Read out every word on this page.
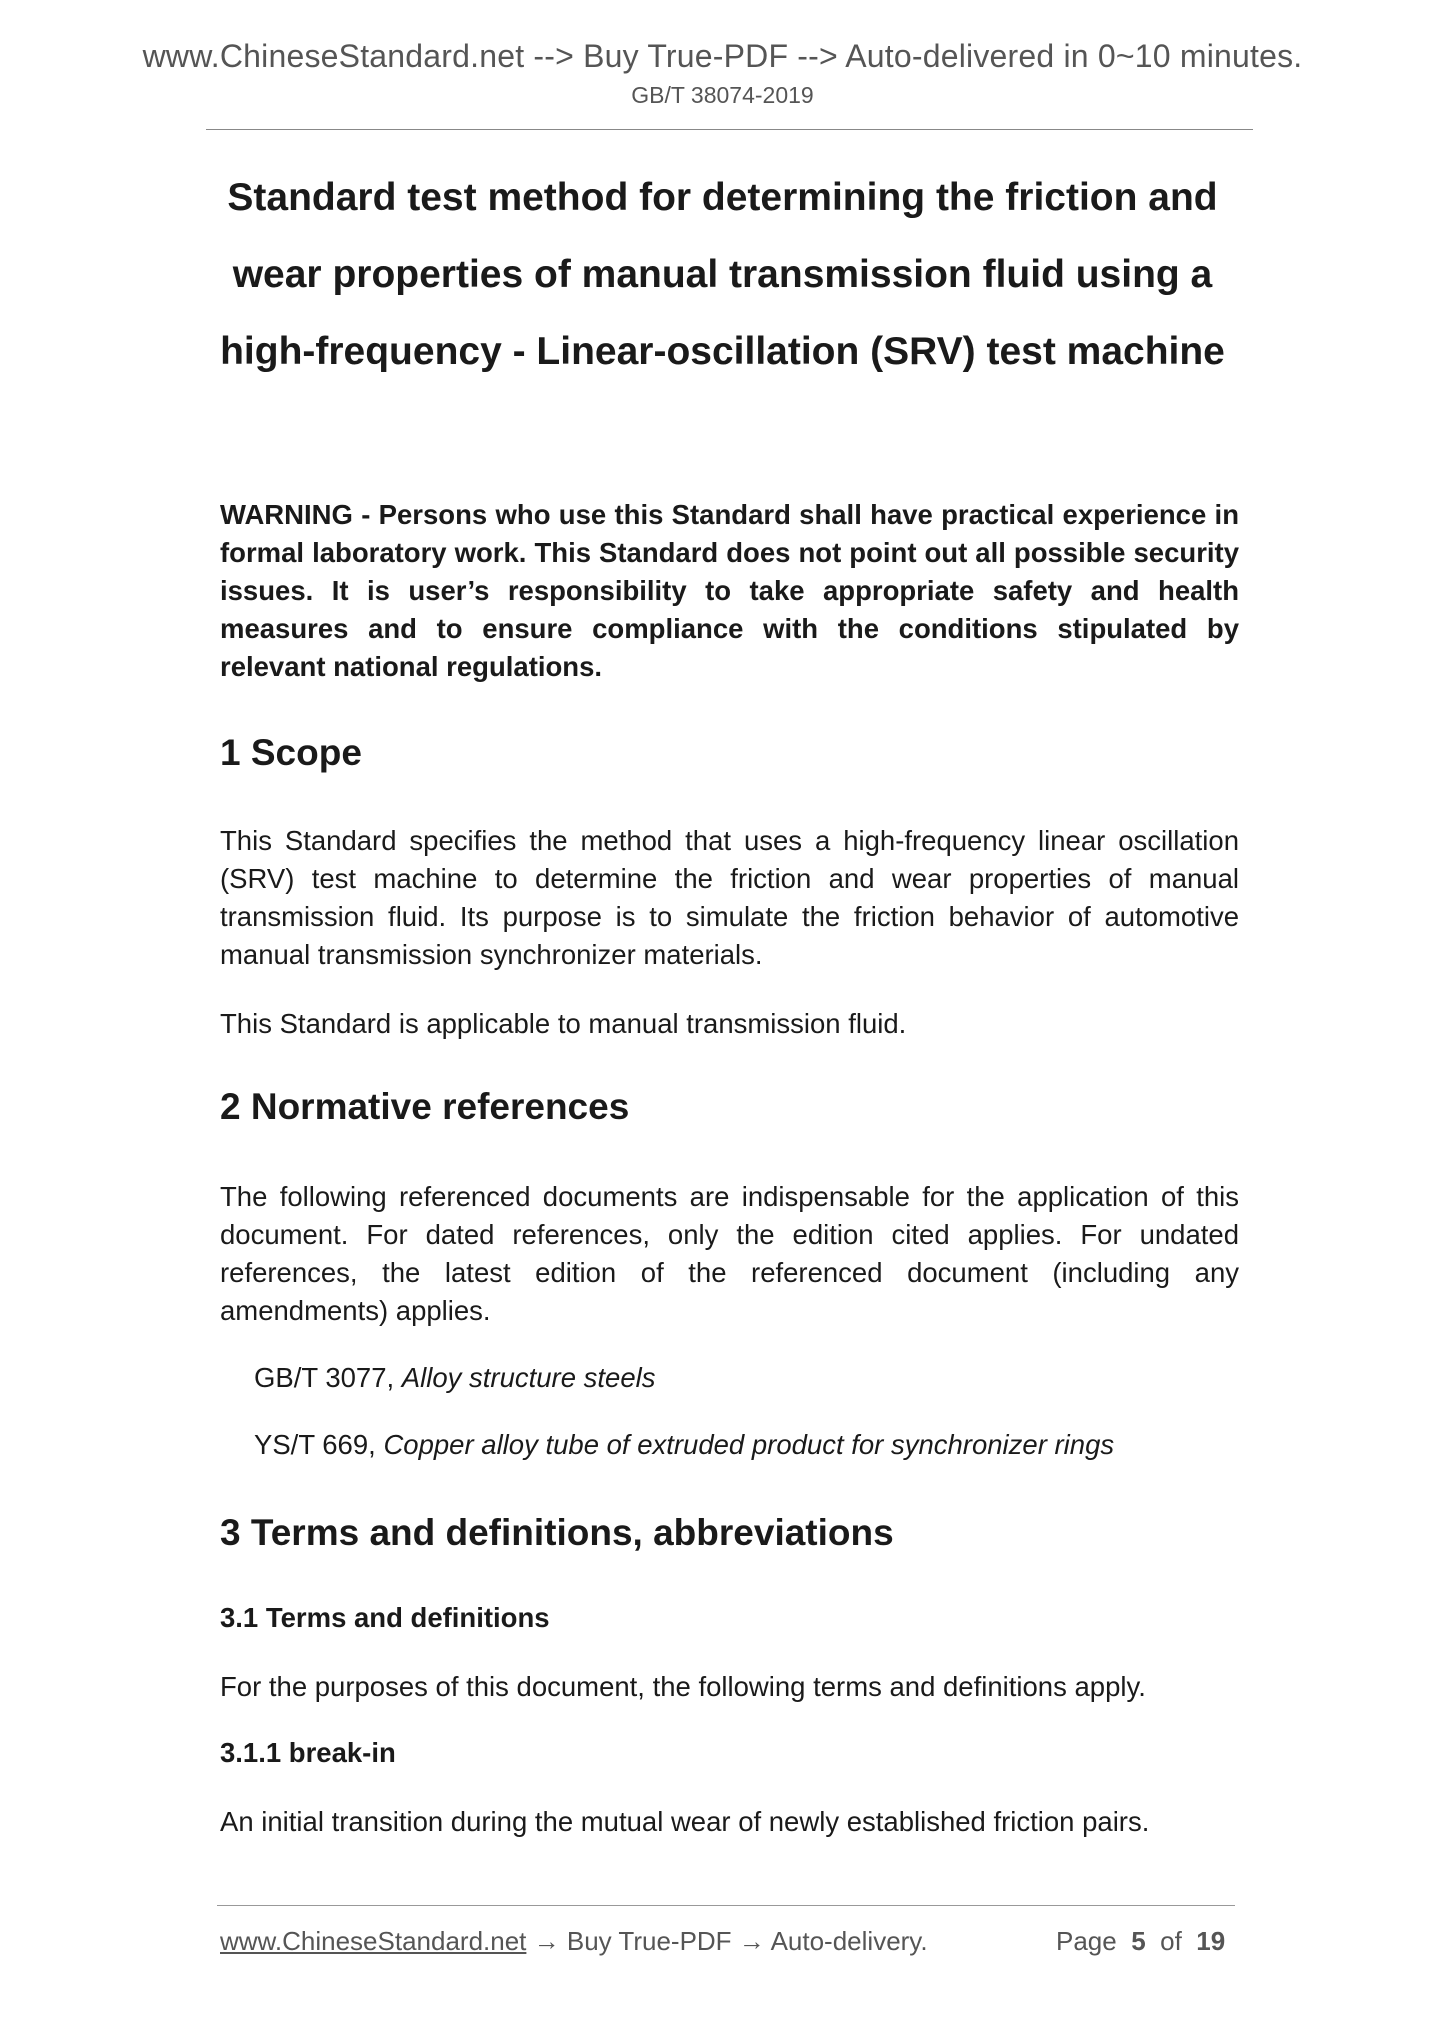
www.ChineseStandard.net --> Buy True-PDF --> Auto-delivered in 0~10 minutes.
GB/T 38074-2019
Standard test method for determining the friction and
wear properties of manual transmission fluid using a
high-frequency - Linear-oscillation (SRV) test machine
WARNING - Persons who use this Standard shall have practical experience in formal laboratory work. This Standard does not point out all possible security issues. It is user’s responsibility to take appropriate safety and health measures and to ensure compliance with the conditions stipulated by relevant national regulations.
1 Scope
This Standard specifies the method that uses a high-frequency linear oscillation (SRV) test machine to determine the friction and wear properties of manual transmission fluid. Its purpose is to simulate the friction behavior of automotive manual transmission synchronizer materials.
This Standard is applicable to manual transmission fluid.
2 Normative references
The following referenced documents are indispensable for the application of this document. For dated references, only the edition cited applies. For undated references, the latest edition of the referenced document (including any amendments) applies.
GB/T 3077, Alloy structure steels
YS/T 669, Copper alloy tube of extruded product for synchronizer rings
3 Terms and definitions, abbreviations
3.1 Terms and definitions
For the purposes of this document, the following terms and definitions apply.
3.1.1 break-in
An initial transition during the mutual wear of newly established friction pairs.
www.ChineseStandard.net → Buy True-PDF → Auto-delivery.	Page 5 of 19
